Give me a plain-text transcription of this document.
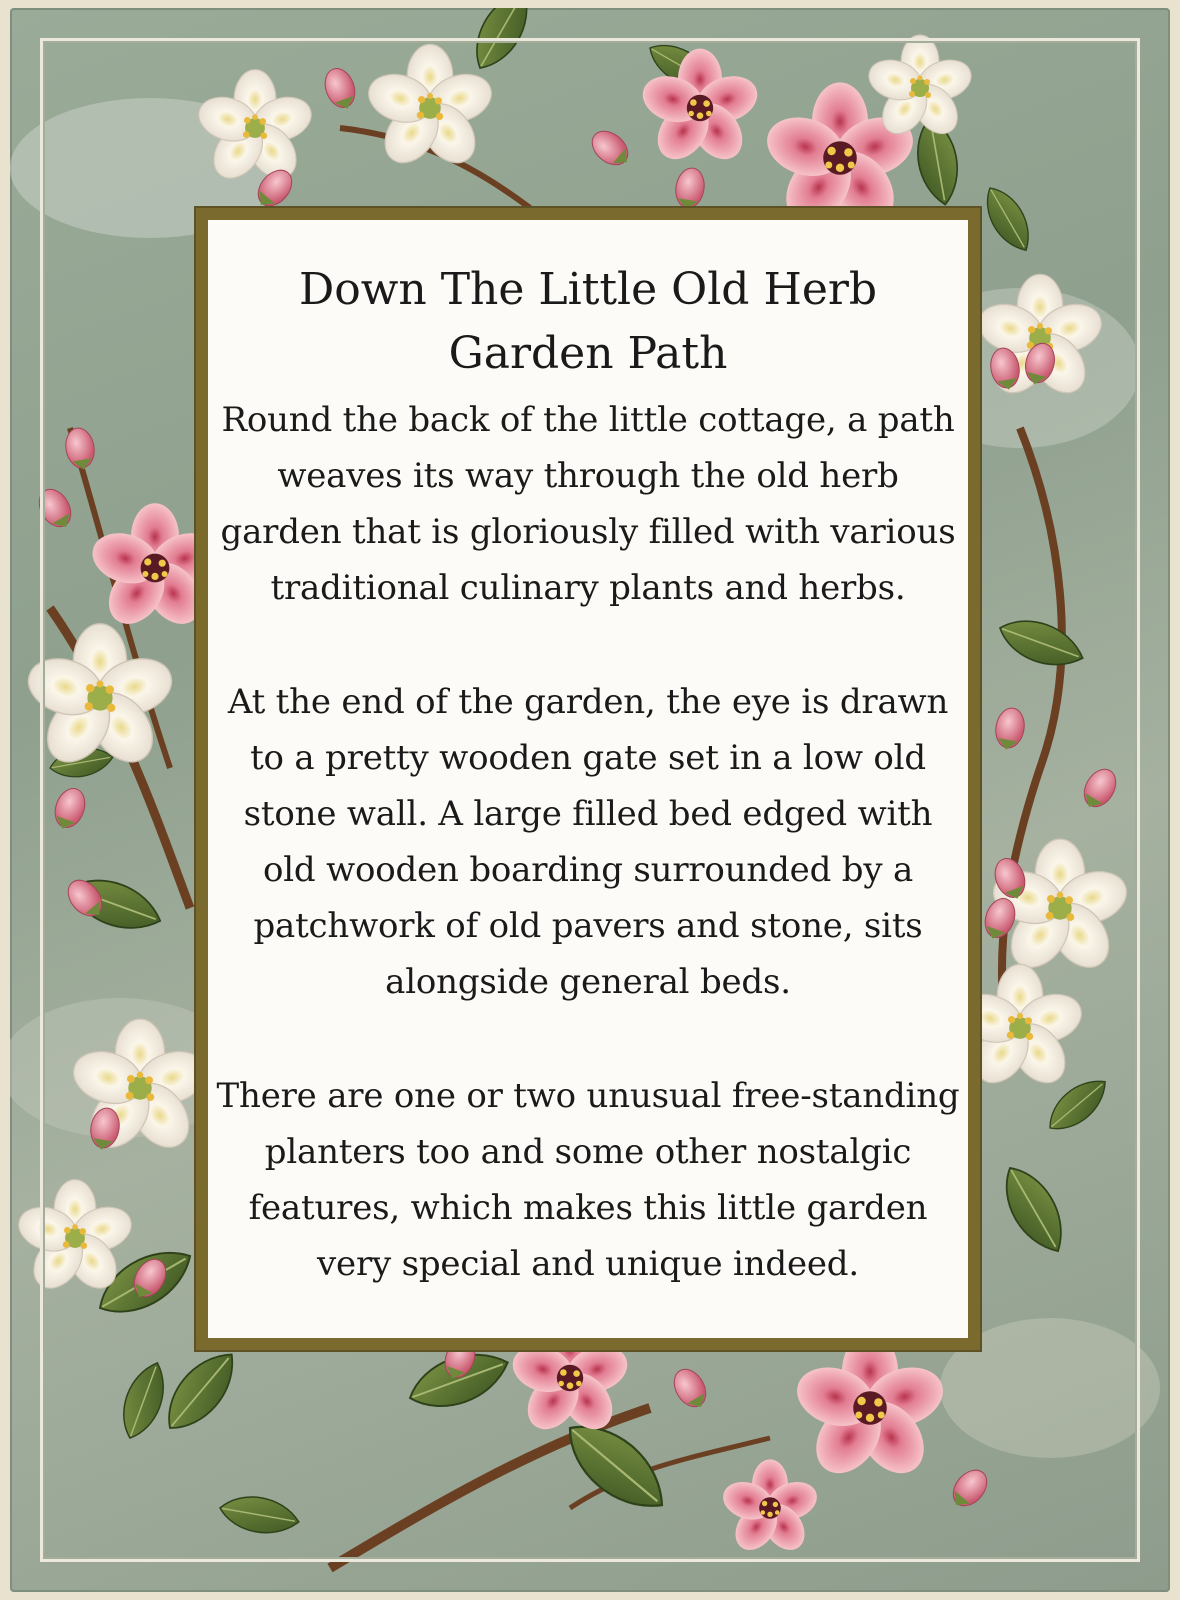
Down The Little Old Herb Garden Path
Round the back of the little cottage, a path weaves its way through the old herb garden that is gloriously filled with various traditional culinary plants and herbs.
At the end of the garden, the eye is drawn to a pretty wooden gate set in a low old stone wall. A large filled bed edged with old wooden boarding surrounded by a patchwork of old pavers and stone, sits alongside general beds.
There are one or two unusual free-standing planters too and some other nostalgic features, which makes this little garden very special and unique indeed.
